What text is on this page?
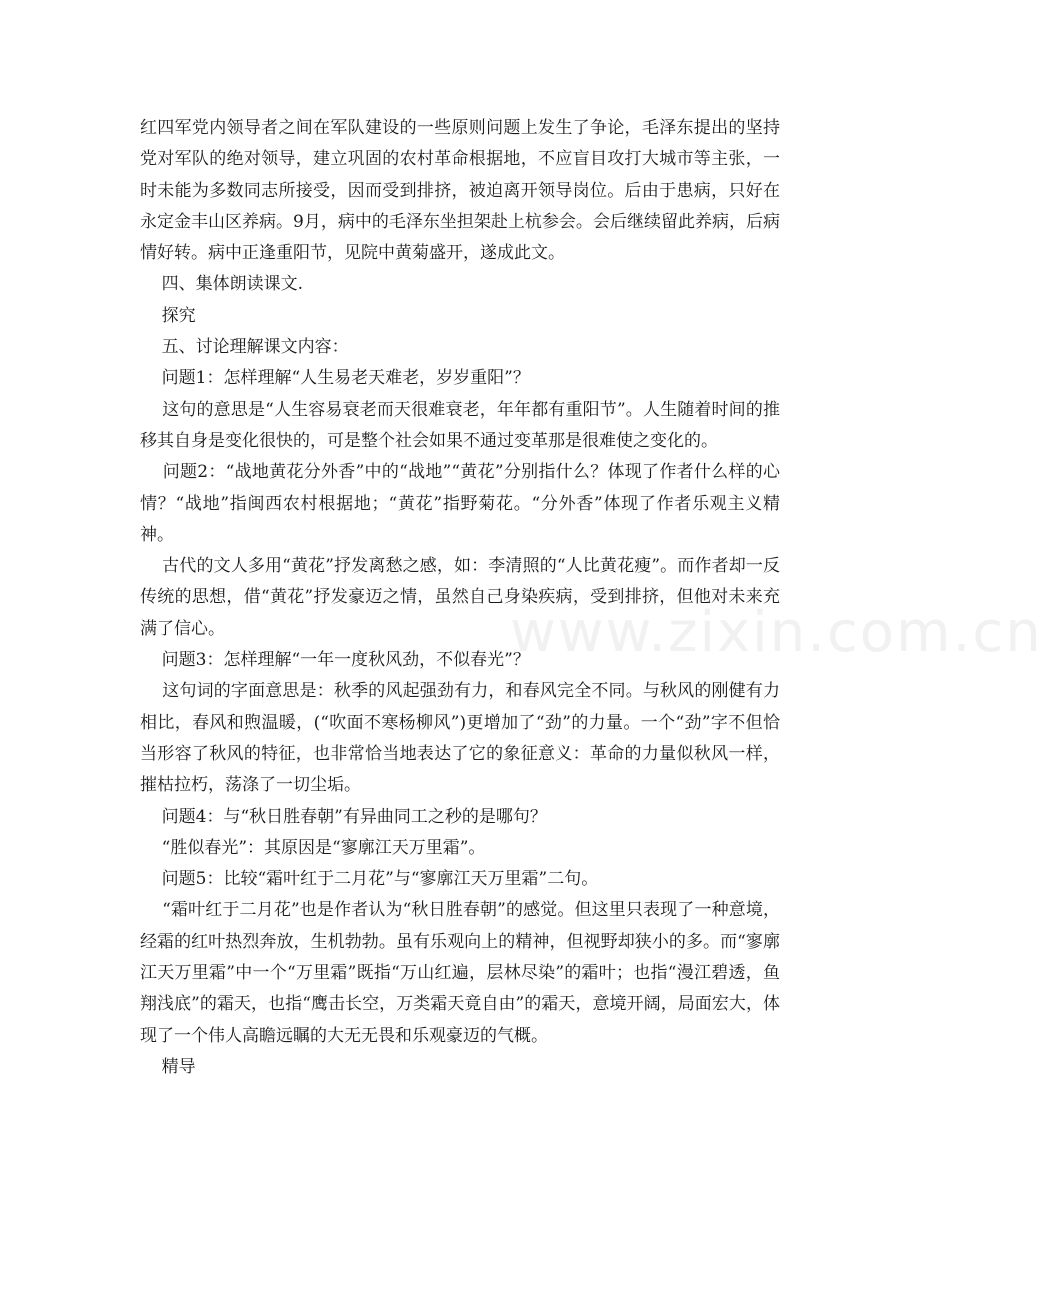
www.zixin.com.cn

红四军党内领导者之间在军队建设的一些原则问题上发生了争论，毛泽东提出的坚持党对军队的绝对领导，建立巩固的农村革命根据地，不应盲目攻打大城市等主张，一时未能为多数同志所接受，因而受到排挤，被迫离开领导岗位。后由于患病，只好在永定金丰山区养病。9月，病中的毛泽东坐担架赴上杭参会。会后继续留此养病，后病情好转。病中正逢重阳节，见院中黄菊盛开，遂成此文。

四、集体朗读课文.

探究

五、讨论理解课文内容：

问题1：怎样理解“人生易老天难老，岁岁重阳”？

这句的意思是“人生容易衰老而天很难衰老，年年都有重阳节”。人生随着时间的推移其自身是变化很快的，可是整个社会如果不通过变革那是很难使之变化的。

问题2：“战地黄花分外香”中的“战地”“黄花”分别指什么？体现了作者什么样的心情？“战地”指闽西农村根据地；“黄花”指野菊花。“分外香”体现了作者乐观主义精神。

古代的文人多用“黄花”抒发离愁之感，如：李清照的“人比黄花瘦”。而作者却一反传统的思想，借“黄花”抒发豪迈之情，虽然自己身染疾病，受到排挤，但他对未来充满了信心。

问题3：怎样理解“一年一度秋风劲，不似春光”？

这句词的字面意思是：秋季的风起强劲有力，和春风完全不同。与秋风的刚健有力相比，春风和煦温暖，(“吹面不寒杨柳风”)更增加了“劲”的力量。一个“劲”字不但恰当形容了秋风的特征，也非常恰当地表达了它的象征意义：革命的力量似秋风一样，摧枯拉朽，荡涤了一切尘垢。

问题4：与“秋日胜春朝”有异曲同工之秒的是哪句？

“胜似春光”：其原因是“寥廓江天万里霜”。

问题5：比较“霜叶红于二月花”与“寥廓江天万里霜”二句。

“霜叶红于二月花”也是作者认为“秋日胜春朝”的感觉。但这里只表现了一种意境，经霜的红叶热烈奔放，生机勃勃。虽有乐观向上的精神，但视野却狭小的多。而“寥廓江天万里霜”中一个“万里霜”既指“万山红遍，层林尽染”的霜叶；也指“漫江碧透，鱼翔浅底”的霜天，也指“鹰击长空，万类霜天竟自由”的霜天，意境开阔，局面宏大，体现了一个伟人高瞻远瞩的大无无畏和乐观豪迈的气概。

精导
